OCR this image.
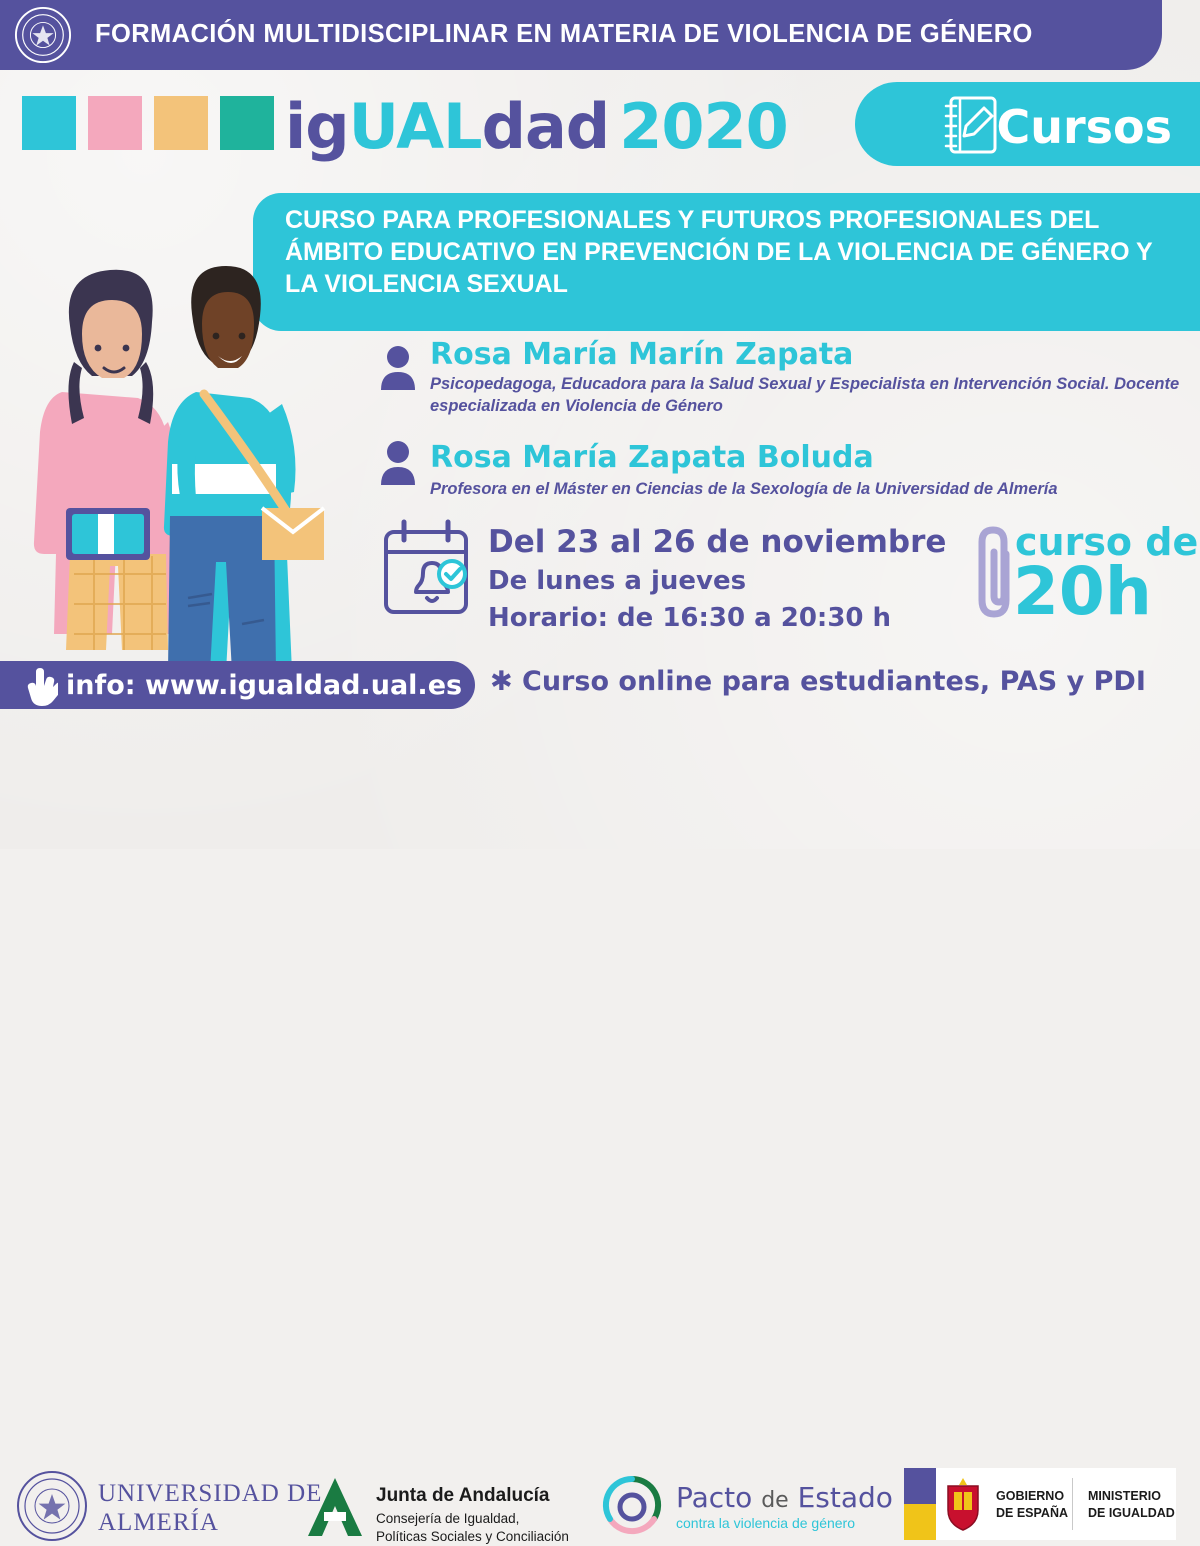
FORMACIÓN MULTIDISCIPLINAR EN MATERIA DE VIOLENCIA DE GÉNERO
igUALdad 2020	Cursos
CURSO PARA PROFESIONALES Y FUTUROS PROFESIONALES DEL ÁMBITO EDUCATIVO EN PREVENCIÓN DE LA VIOLENCIA DE GÉNERO Y LA VIOLENCIA SEXUAL
Rosa María Marín Zapata
Psicopedagoga, Educadora para la Salud Sexual y Especialista en Intervención Social. Docente especializada en Violencia de Género
Rosa María Zapata Boluda
Profesora en el Máster en Ciencias de la Sexología de la Universidad de Almería
Del 23 al 26 de noviembre
De lunes a jueves
Horario: de 16:30 a 20:30 h
curso de
20h
info: www.igualdad.ual.es ✱ Curso online para estudiantes, PAS y PDI
UNIVERSIDAD DE
ALMERÍA
Junta de Andalucía
Consejería de Igualdad,
Políticas Sociales y Conciliación
Pacto de Estado
contra la violencia de género
GOBIERNO
DE ESPAÑA
MINISTERIO
DE IGUALDAD
